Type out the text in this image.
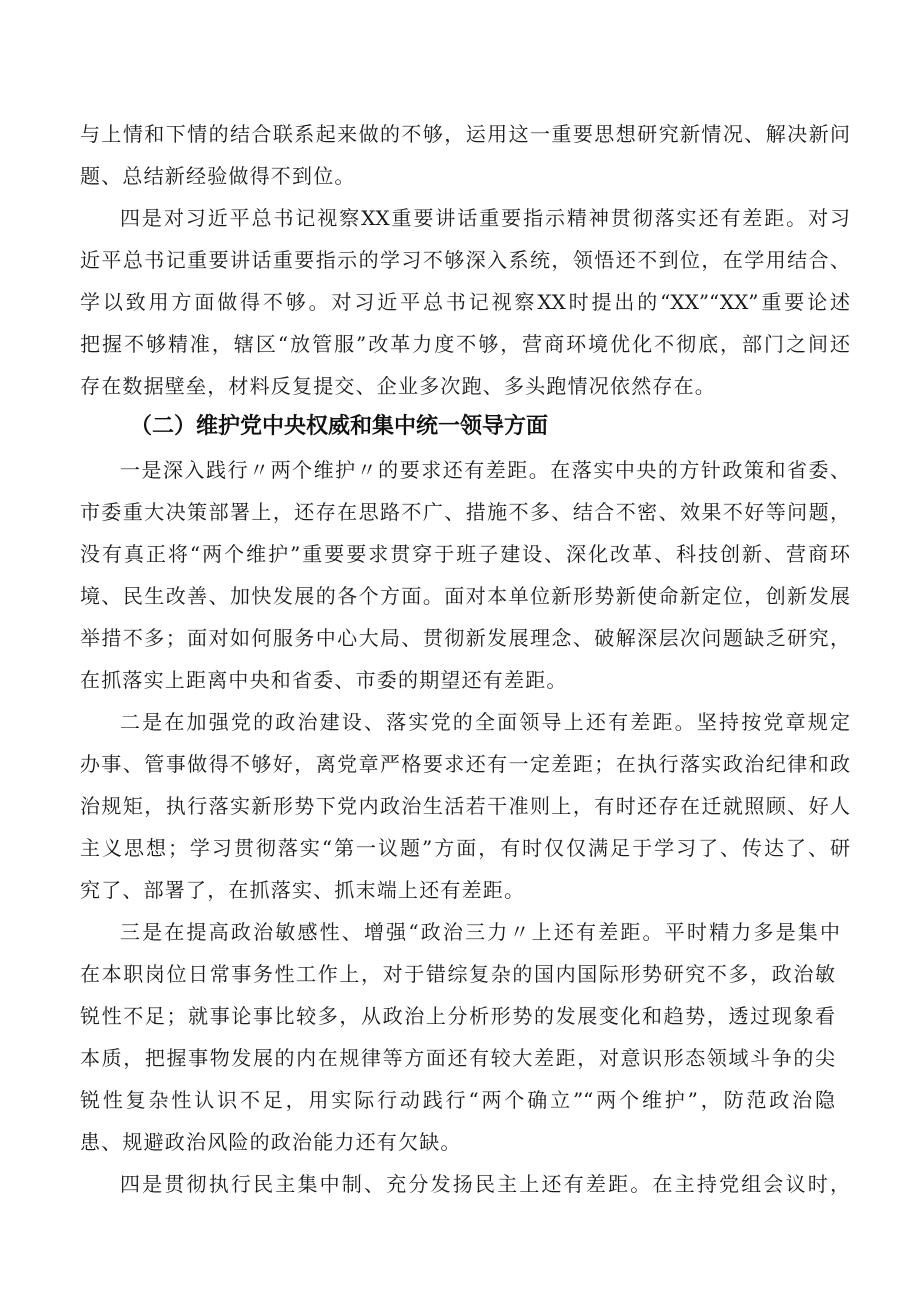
与上情和下情的结合联系起来做的不够，运用这一重要思想研究新情况、解决新问
题、总结新经验做得不到位。
四是对习近平总书记视察XX重要讲话重要指示精神贯彻落实还有差距。对习
近平总书记重要讲话重要指示的学习不够深入系统，领悟还不到位，在学用结合、
学以致用方面做得不够。对习近平总书记视察XX时提出的“XX”“XX”重要论述
把握不够精准，辖区“放管服”改革力度不够，营商环境优化不彻底，部门之间还
存在数据壁垒，材料反复提交、企业多次跑、多头跑情况依然存在。
（二）维护党中央权威和集中统一领导方面
一是深入践行〃两个维护〃的要求还有差距。在落实中央的方针政策和省委、
市委重大决策部署上，还存在思路不广、措施不多、结合不密、效果不好等问题，
没有真正将“两个维护”重要要求贯穿于班子建设、深化改革、科技创新、营商环
境、民生改善、加快发展的各个方面。面对本单位新形势新使命新定位，创新发展
举措不多；面对如何服务中心大局、贯彻新发展理念、破解深层次问题缺乏研究，
在抓落实上距离中央和省委、市委的期望还有差距。
二是在加强党的政治建设、落实党的全面领导上还有差距。坚持按党章规定
办事、管事做得不够好，离党章严格要求还有一定差距；在执行落实政治纪律和政
治规矩，执行落实新形势下党内政治生活若干准则上，有时还存在迁就照顾、好人
主义思想；学习贯彻落实“第一议题”方面，有时仅仅满足于学习了、传达了、研
究了、部署了，在抓落实、抓末端上还有差距。
三是在提高政治敏感性、增强“政治三力〃上还有差距。平时精力多是集中
在本职岗位日常事务性工作上，对于错综复杂的国内国际形势研究不多，政治敏
锐性不足；就事论事比较多，从政治上分析形势的发展变化和趋势，透过现象看
本质，把握事物发展的内在规律等方面还有较大差距，对意识形态领域斗争的尖
锐性复杂性认识不足，用实际行动践行“两个确立”“两个维护”，防范政治隐
患、规避政治风险的政治能力还有欠缺。
四是贯彻执行民主集中制、充分发扬民主上还有差距。在主持党组会议时，
